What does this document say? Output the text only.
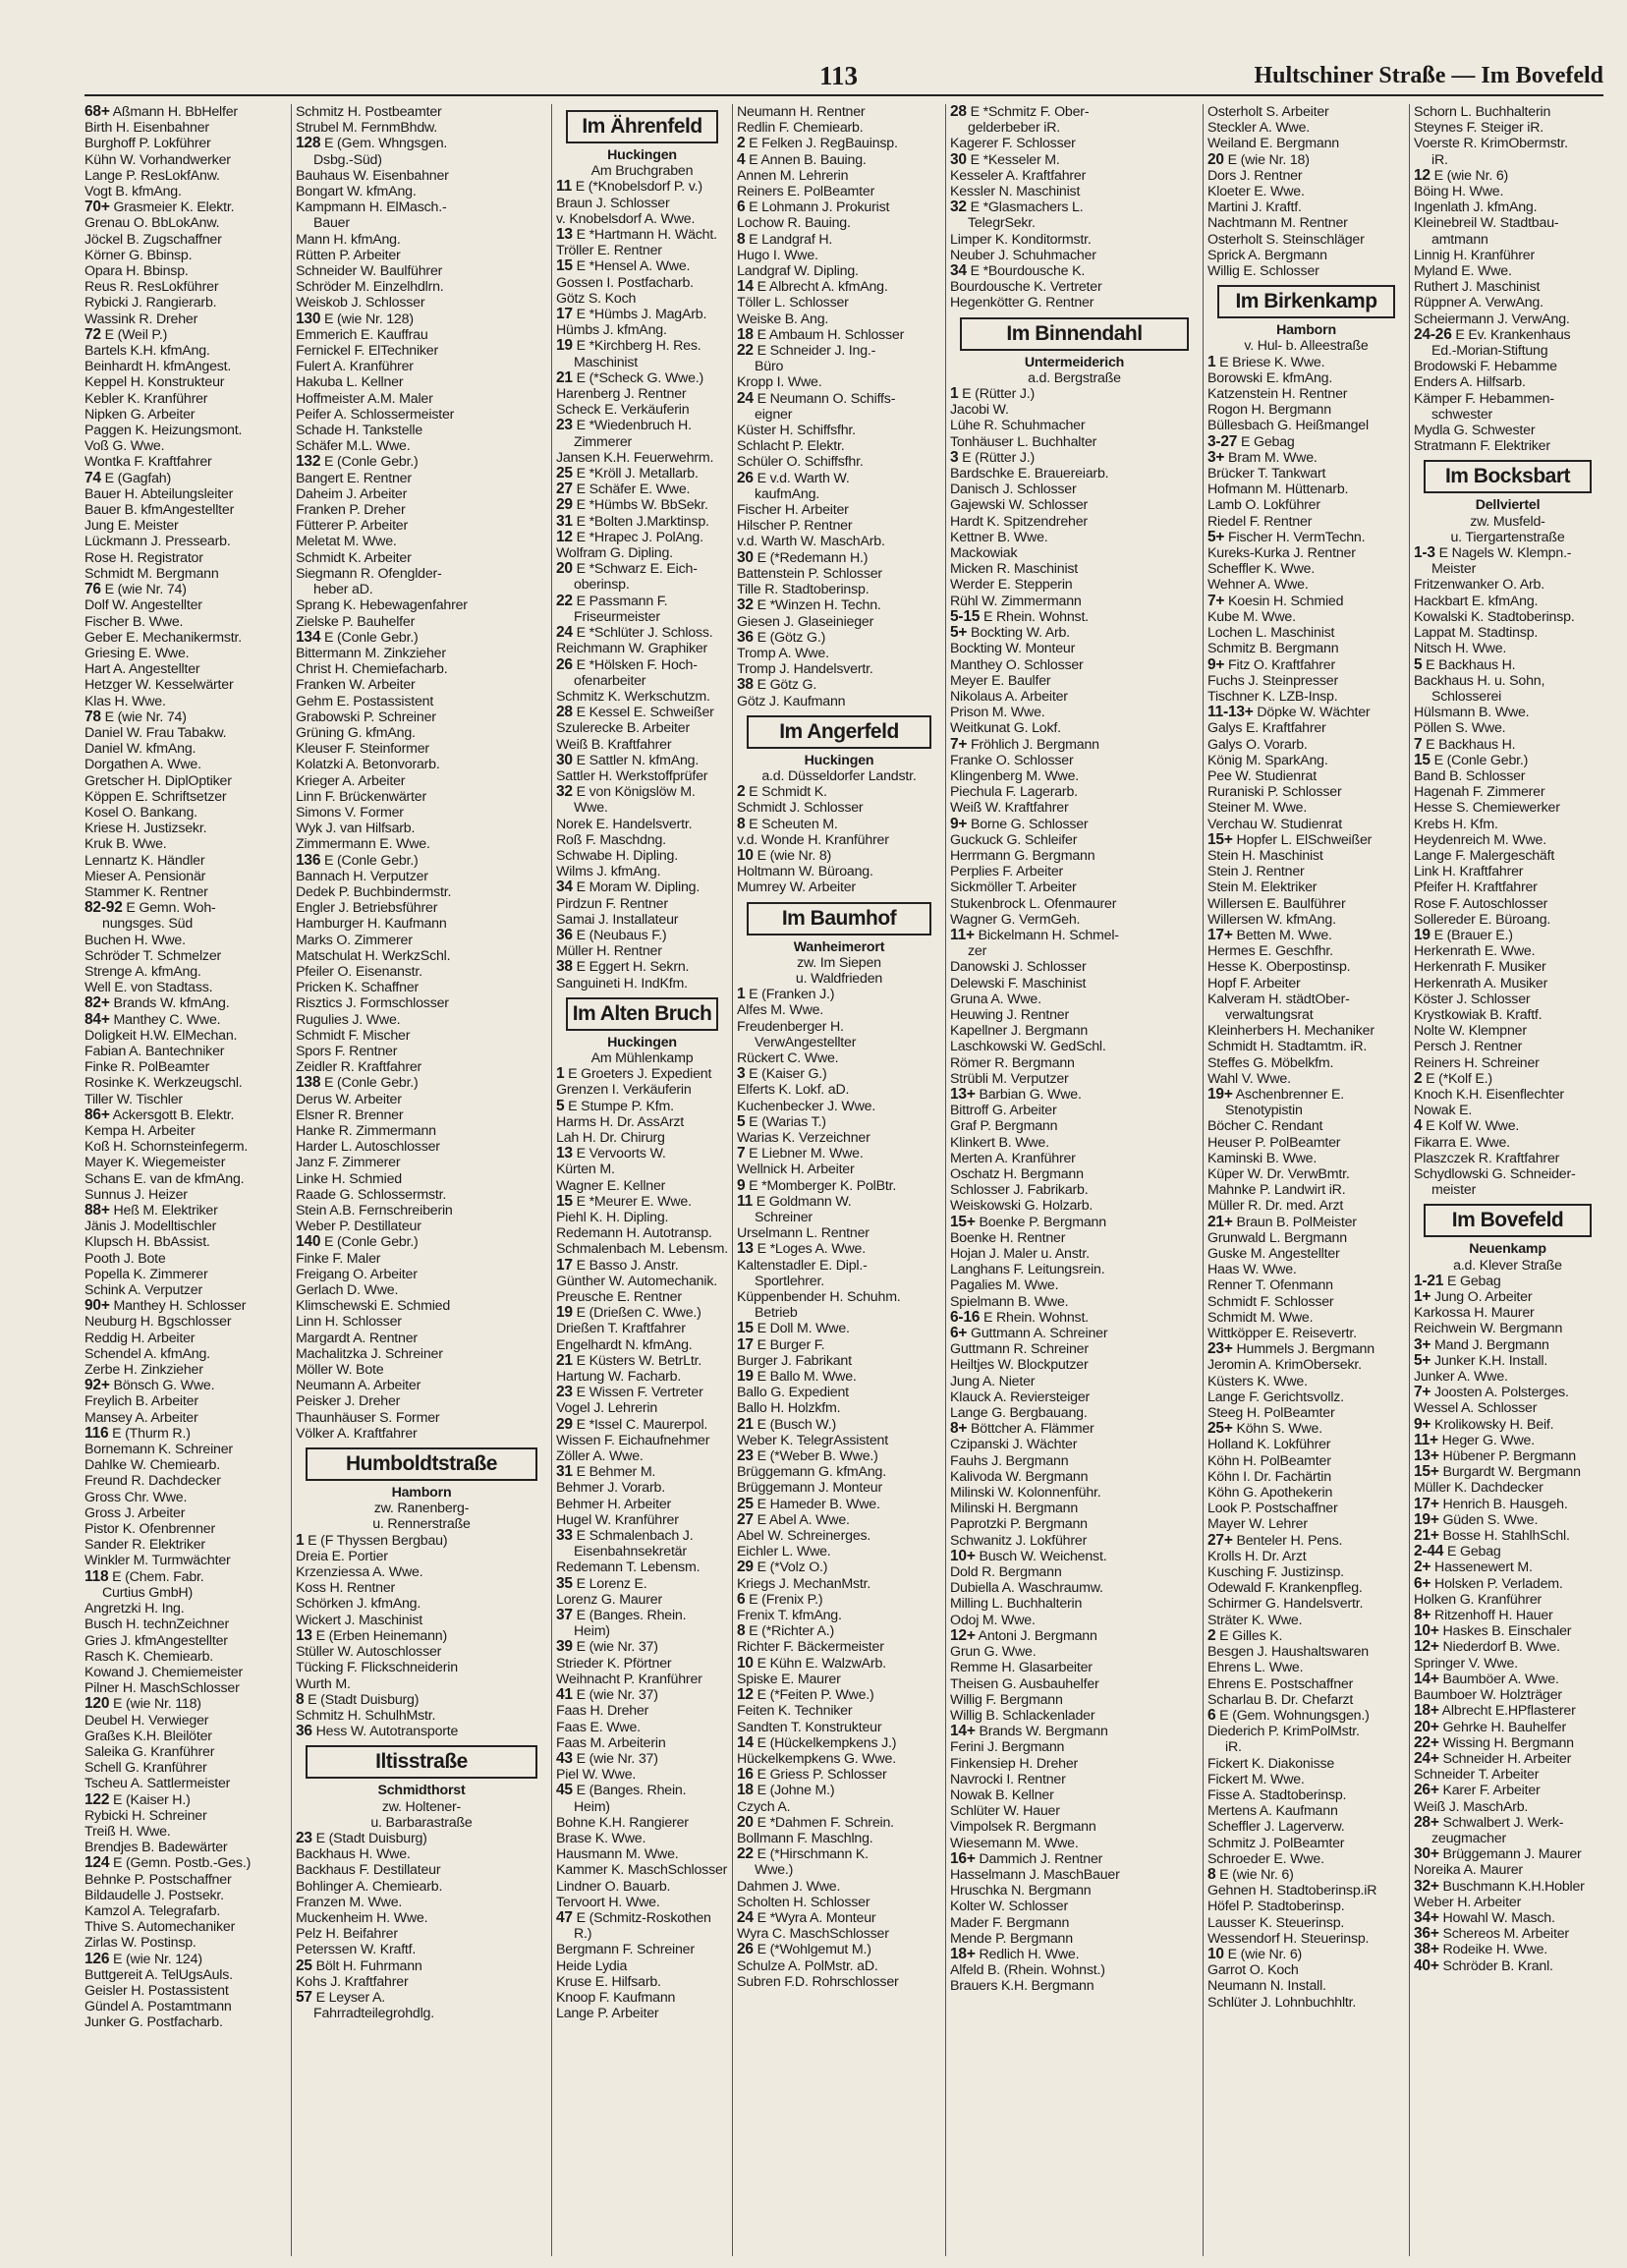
113	Hultschiner Straße — Im Bovefeld
68+ Aßmann H. BbHelfer
Birth H. Eisenbahner
Burghoff P. Lokführer
Kühn W. Vorhandwerker
Lange P. ResLokfAnw.
Vogt B. kfmAng.
70+ Grasmeier K. Elektr.
Grenau O. BbLokAnw.
Jöckel B. Zugschaffner
Körner G. Bbinsp.
Opara H. Bbinsp.
Reus R. ResLokführer
Rybicki J. Rangierarb.
Wassink R. Dreher
72 E (Weil P.)
Bartels K.H. kfmAng.
Beinhardt H. kfmAngest.
Keppel H. Konstrukteur
Kebler K. Kranführer
Nipken G. Arbeiter
Paggen K. Heizungsmont.
Voß G. Wwe.
Wontka F. Kraftfahrer
74 E (Gagfah)
Bauer H. Abteilungsleiter
Bauer B. kfmAngestellter
Jung E. Meister
Lückmann J. Pressearb.
Rose H. Registrator
Schmidt M. Bergmann
76 E (wie Nr. 74)
Dolf W. Angestellter
Fischer B. Wwe.
Geber E. Mechanikermstr.
Griesing E. Wwe.
Hart A. Angestellter
Hetzger W. Kesselwärter
Klas H. Wwe.
78 E (wie Nr. 74)
Daniel W. Frau Tabakw.
Daniel W. kfmAng.
Dorgathen A. Wwe.
Gretscher H. DiplOptiker
Köppen E. Schriftsetzer
Kosel O. Bankang.
Kriese H. Justizsekr.
Kruk B. Wwe.
Lennartz K. Händler
Mieser A. Pensionär
Stammer K. Rentner
82-92 E Gemn. Woh-
nungsges. Süd
Buchen H. Wwe.
Schröder T. Schmelzer
Strenge A. kfmAng.
Well E. von Stadtass.
82+ Brands W. kfmAng.
84+ Manthey C. Wwe.
Doligkeit H.W. ElMechan.
Fabian A. Bantechniker
Finke R. PolBeamter
Rosinke K. Werkzeugschl.
Tiller W. Tischler
86+ Ackersgott B. Elektr.
Kempa H. Arbeiter
Koß H. Schornsteinfegerm.
Mayer K. Wiegemeister
Schans E. van de kfmAng.
Sunnus J. Heizer
88+ Heß M. Elektriker
Jänis J. Modelltischler
Klupsch H. BbAssist.
Pooth J. Bote
Popella K. Zimmerer
Schink A. Verputzer
90+ Manthey H. Schlosser
Neuburg H. Bgschlosser
Reddig H. Arbeiter
Schendel A. kfmAng.
Zerbe H. Zinkzieher
92+ Bönsch G. Wwe.
Freylich B. Arbeiter
Mansey A. Arbeiter
116 E (Thurm R.)
Bornemann K. Schreiner
Dahlke W. Chemiearb.
Freund R. Dachdecker
Gross Chr. Wwe.
Gross J. Arbeiter
Pistor K. Ofenbrenner
Sander R. Elektriker
Winkler M. Turmwächter
118 E (Chem. Fabr.
Curtius GmbH)
Angretzki H. Ing.
Busch H. technZeichner
Gries J. kfmAngestellter
Rasch K. Chemiearb.
Kowand J. Chemiemeister
Pilner H. MaschSchlosser
120 E (wie Nr. 118)
Deubel H. Verwieger
Graßes K.H. Bleilöter
Saleika G. Kranführer
Schell G. Kranführer
Tscheu A. Sattlermeister
122 E (Kaiser H.)
Rybicki H. Schreiner
Treiß H. Wwe.
Brendjes B. Badewärter
124 E (Gemn. Postb.-Ges.)
Behnke P. Postschaffner
Bildaudelle J. Postsekr.
Kamzol A. Telegrafarb.
Thive S. Automechaniker
Zirlas W. Postinsp.
126 E (wie Nr. 124)
Buttgereit A. TelUgsAuls.
Geisler H. Postassistent
Gündel A. Postamtmann
Junker G. Postfacharb.
Schmitz H. Postbeamter
Strubel M. FernmBhdw.
128 E (Gem. Whngsgen.
Dsbg.-Süd)
Bauhaus W. Eisenbahner
Bongart W. kfmAng.
Kampmann H. ElMasch.-
Bauer
Mann H. kfmAng.
Rütten P. Arbeiter
Schneider W. Baulführer
Schröder M. Einzelhdlrn.
Weiskob J. Schlosser
130 E (wie Nr. 128)
Emmerich E. Kauffrau
Fernickel F. ElTechniker
Fulert A. Kranführer
Hakuba L. Kellner
Hoffmeister A.M. Maler
Peifer A. Schlossermeister
Schade H. Tankstelle
Schäfer M.L. Wwe.
132 E (Conle Gebr.)
Bangert E. Rentner
Daheim J. Arbeiter
Franken P. Dreher
Fütterer P. Arbeiter
Meletat M. Wwe.
Schmidt K. Arbeiter
Siegmann R. Ofenglder-
heber aD.
Sprang K. Hebewagenfahrer
Zielske P. Bauhelfer
134 E (Conle Gebr.)
Bittermann M. Zinkzieher
Christ H. Chemiefacharb.
Franken W. Arbeiter
Gehm E. Postassistent
Grabowski P. Schreiner
Grüning G. kfmAng.
Kleuser F. Steinformer
Kolatzki A. Betonvorarb.
Krieger A. Arbeiter
Linn F. Brückenwärter
Simons V. Former
Wyk J. van Hilfsarb.
Zimmermann E. Wwe.
136 E (Conle Gebr.)
Bannach H. Verputzer
Dedek P. Buchbindermstr.
Engler J. Betriebsführer
Hamburger H. Kaufmann
Marks O. Zimmerer
Matschulat H. WerkzSchl.
Pfeiler O. Eisenanstr.
Pricken K. Schaffner
Risztics J. Formschlosser
Rugulies J. Wwe.
Schmidt F. Mischer
Spors F. Rentner
Zeidler R. Kraftfahrer
138 E (Conle Gebr.)
Derus W. Arbeiter
Elsner R. Brenner
Hanke R. Zimmermann
Harder L. Autoschlosser
Janz F. Zimmerer
Linke H. Schmied
Raade G. Schlossermstr.
Stein A.B. Fernschreiberin
Weber P. Destillateur
140 E (Conle Gebr.)
Finke F. Maler
Freigang O. Arbeiter
Gerlach D. Wwe.
Klimschewski E. Schmied
Linn H. Schlosser
Margardt A. Rentner
Machalitzka J. Schreiner
Möller W. Bote
Neumann A. Arbeiter
Peisker J. Dreher
Thaunhäuser S. Former
Völker A. Kraftfahrer
Humboldtstraße
Hamborn
zw. Ranenberg-
u. Rennerstraße
1 E (F Thyssen Bergbau)
Dreia E. Portier
Krzenziessa A. Wwe.
Koss H. Rentner
Schörken J. kfmAng.
Wickert J. Maschinist
13 E (Erben Heinemann)
Stüller W. Autoschlosser
Tücking F. Flickschneiderin
Wurth M.
8 E (Stadt Duisburg)
Schmitz H. SchulhMstr.
36 Hess W. Autotransporte
Iltisstraße
Schmidthorst
zw. Holtener-
u. Barbarastraße
23 E (Stadt Duisburg)
Backhaus H. Wwe.
Backhaus F. Destillateur
Bohlinger A. Chemiearb.
Franzen M. Wwe.
Muckenheim H. Wwe.
Pelz H. Beifahrer
Peterssen W. Kraftf.
25 Bölt H. Fuhrmann
Kohs J. Kraftfahrer
57 E Leyser A.
Fahrradteilegrohdlg.
Im Ährenfeld
Huckingen
Am Bruchgraben
11 E (*Knobelsdorf P. v.)
Braun J. Schlosser
v. Knobelsdorf A. Wwe.
13 E *Hartmann H. Wächt.
Tröller E. Rentner
15 E *Hensel A. Wwe.
Gossen I. Postfacharb.
Götz S. Koch
17 E *Hümbs J. MagArb.
Hümbs J. kfmAng.
19 E *Kirchberg H. Res.
Maschinist
21 E (*Scheck G. Wwe.)
Harenberg J. Rentner
Scheck E. Verkäuferin
23 E *Wiedenbruch H.
Zimmerer
Jansen K.H. Feuerwehrm.
25 E *Kröll J. Metallarb.
27 E Schäfer E. Wwe.
29 E *Hümbs W. BbSekr.
31 E *Bolten J.Marktinsp.
12 E *Hrapec J. PolAng.
Wolfram G. Dipling.
20 E *Schwarz E. Eich-
oberinsp.
22 E Passmann F.
Friseurmeister
24 E *Schlüter J. Schloss.
Reichmann W. Graphiker
26 E *Hölsken F. Hoch-
ofenarbeiter
Schmitz K. Werkschutzm.
28 E Kessel E. Schweißer
Szulerecke B. Arbeiter
Weiß B. Kraftfahrer
30 E Sattler N. kfmAng.
Sattler H. Werkstoffprüfer
32 E von Königslöw M.
Wwe.
Norek E. Handelsvertr.
Roß F. Maschdng.
Schwabe H. Dipling.
Wilms J. kfmAng.
34 E Moram W. Dipling.
Pirdzun F. Rentner
Samai J. Installateur
36 E (Neubaus F.)
Müller H. Rentner
38 E Eggert H. Sekrn.
Sanguineti H. IndKfm.
Im Alten Bruch
Huckingen
Am Mühlenkamp
1 E Groeters J. Expedient
Grenzen I. Verkäuferin
5 E Stumpe P. Kfm.
Harms H. Dr. AssArzt
Lah H. Dr. Chirurg
13 E Vervoorts W.
Kürten M.
Wagner E. Kellner
15 E *Meurer E. Wwe.
Piehl K. H. Dipling.
Redemann H. Autotransp.
Schmalenbach M. Lebensm.
17 E Basso J. Anstr.
Günther W. Automechanik.
Preusche E. Rentner
19 E (Drießen C. Wwe.)
Drießen T. Kraftfahrer
Engelhardt N. kfmAng.
21 E Küsters W. BetrLtr.
Hartung W. Facharb.
23 E Wissen F. Vertreter
Vogel J. Lehrerin
29 E *Issel C. Maurerpol.
Wissen F. Eichaufnehmer
Zöller A. Wwe.
31 E Behmer M.
Behmer J. Vorarb.
Behmer H. Arbeiter
Hugel W. Kranführer
33 E Schmalenbach J.
Eisenbahnsekretär
Redemann T. Lebensm.
35 E Lorenz E.
Lorenz G. Maurer
37 E (Banges. Rhein.
Heim)
39 E (wie Nr. 37)
Strieder K. Pförtner
Weihnacht P. Kranführer
41 E (wie Nr. 37)
Faas H. Dreher
Faas E. Wwe.
Faas M. Arbeiterin
43 E (wie Nr. 37)
Piel W. Wwe.
45 E (Banges. Rhein.
Heim)
Bohne K.H. Rangierer
Brase K. Wwe.
Hausmann M. Wwe.
Kammer K. MaschSchlosser
Lindner O. Bauarb.
Tervoort H. Wwe.
47 E (Schmitz-Roskothen
R.)
Bergmann F. Schreiner
Heide Lydia
Kruse E. Hilfsarb.
Knoop F. Kaufmann
Lange P. Arbeiter
Neumann H. Rentner
Redlin F. Chemiearb.
2 E Felken J. RegBauinsp.
4 E Annen B. Bauing.
Annen M. Lehrerin
Reiners E. PolBeamter
6 E Lohmann J. Prokurist
Lochow R. Bauing.
8 E Landgraf H.
Hugo I. Wwe.
Landgraf W. Dipling.
14 E Albrecht A. kfmAng.
Töller L. Schlosser
Weiske B. Ang.
18 E Ambaum H. Schlosser
22 E Schneider J. Ing.-
Büro
Kropp I. Wwe.
24 E Neumann O. Schiffs-
eigner
Küster H. Schiffsfhr.
Schlacht P. Elektr.
Schüler O. Schiffsfhr.
26 E v.d. Warth W.
kaufmAng.
Fischer H. Arbeiter
Hilscher P. Rentner
v.d. Warth W. MaschArb.
30 E (*Redemann H.)
Battenstein P. Schlosser
Tille R. Stadtoberinsp.
32 E *Winzen H. Techn.
Giesen J. Glaseinieger
36 E (Götz G.)
Tromp A. Wwe.
Tromp J. Handelsvertr.
38 E Götz G.
Götz J. Kaufmann
Im Angerfeld
Huckingen
a.d. Düsseldorfer Landstr.
2 E Schmidt K.
Schmidt J. Schlosser
8 E Scheuten M.
v.d. Wonde H. Kranführer
10 E (wie Nr. 8)
Holtmann W. Büroang.
Mumrey W. Arbeiter
Im Baumhof
Wanheimerort
zw. Im Siepen
u. Waldfrieden
1 E (Franken J.)
Alfes M. Wwe.
Freudenberger H.
VerwAngestellter
Rückert C. Wwe.
3 E (Kaiser G.)
Elferts K. Lokf. aD.
Kuchenbecker J. Wwe.
5 E (Warias T.)
Warias K. Verzeichner
7 E Liebner M. Wwe.
Wellnick H. Arbeiter
9 E *Momberger K. PolBtr.
11 E Goldmann W.
Schreiner
Urselmann L. Rentner
13 E *Loges A. Wwe.
Kaltenstadler E. Dipl.-
Sportlehrer.
Küppenbender H. Schuhm.
Betrieb
15 E Doll M. Wwe.
17 E Burger F.
Burger J. Fabrikant
19 E Ballo M. Wwe.
Ballo G. Expedient
Ballo H. Holzkfm.
21 E (Busch W.)
Weber K. TelegrAssistent
23 E (*Weber B. Wwe.)
Brüggemann G. kfmAng.
Brüggemann J. Monteur
25 E Hameder B. Wwe.
27 E Abel A. Wwe.
Abel W. Schreinerges.
Eichler L. Wwe.
29 E (*Volz O.)
Kriegs J. MechanMstr.
6 E (Frenix P.)
Frenix T. kfmAng.
8 E (*Richter A.)
Richter F. Bäckermeister
10 E Kühn E. WalzwArb.
Spiske E. Maurer
12 E (*Feiten P. Wwe.)
Feiten K. Techniker
Sandten T. Konstrukteur
14 E (Hückelkempkens J.)
Hückelkempkens G. Wwe.
16 E Griess P. Schlosser
18 E (Johne M.)
Czych A.
20 E *Dahmen F. Schrein.
Bollmann F. Maschlng.
22 E (*Hirschmann K.
Wwe.)
Dahmen J. Wwe.
Scholten H. Schlosser
24 E *Wyra A. Monteur
Wyra C. MaschSchlosser
26 E (*Wohlgemut M.)
Schulze A. PolMstr. aD.
Subren F.D. Rohrschlosser
28 E *Schmitz F. Ober-
gelderbeber iR.
Kagerer F. Schlosser
30 E *Kesseler M.
Kesseler A. Kraftfahrer
Kessler N. Maschinist
32 E *Glasmachers L.
TelegrSekr.
Limper K. Konditormstr.
Neuber J. Schuhmacher
34 E *Bourdousche K.
Bourdousche K. Vertreter
Hegenkötter G. Rentner
Im Binnendahl
Untermeiderich
a.d. Bergstraße
1 E (Rütter J.)
Jacobi W.
Lühe R. Schuhmacher
Tonhäuser L. Buchhalter
3 E (Rütter J.)
Bardschke E. Brauereiarb.
Danisch J. Schlosser
Gajewski W. Schlosser
Hardt K. Spitzendreher
Kettner B. Wwe.
Mackowiak
Micken R. Maschinist
Werder E. Stepperin
Rühl W. Zimmermann
5-15 E Rhein. Wohnst.
5+ Bockting W. Arb.
Bockting W. Monteur
Manthey O. Schlosser
Meyer E. Baulfer
Nikolaus A. Arbeiter
Prison M. Wwe.
Weitkunat G. Lokf.
7+ Fröhlich J. Bergmann
Franke O. Schlosser
Klingenberg M. Wwe.
Piechula F. Lagerarb.
Weiß W. Kraftfahrer
9+ Borne G. Schlosser
Guckuck G. Schleifer
Herrmann G. Bergmann
Perplies F. Arbeiter
Sickmöller T. Arbeiter
Stukenbrock L. Ofenmaurer
Wagner G. VermGeh.
11+ Bickelmann H. Schmel-
zer
Danowski J. Schlosser
Delewski F. Maschinist
Gruna A. Wwe.
Heuwing J. Rentner
Kapellner J. Bergmann
Laschkowski W. GedSchl.
Römer R. Bergmann
Strübli M. Verputzer
13+ Barbian G. Wwe.
Bittroff G. Arbeiter
Graf P. Bergmann
Klinkert B. Wwe.
Merten A. Kranführer
Oschatz H. Bergmann
Schlosser J. Fabrikarb.
Weiskowski G. Holzarb.
15+ Boenke P. Bergmann
Boenke H. Rentner
Hojan J. Maler u. Anstr.
Langhans F. Leitungsrein.
Pagalies M. Wwe.
Spielmann B. Wwe.
6-16 E Rhein. Wohnst.
6+ Guttmann A. Schreiner
Guttmann R. Schreiner
Heiltjes W. Blockputzer
Jung A. Nieter
Klauck A. Reviersteiger
Lange G. Bergbauang.
8+ Böttcher A. Flämmer
Czipanski J. Wächter
Fauhs J. Bergmann
Kalivoda W. Bergmann
Milinski W. Kolonnenführ.
Milinski H. Bergmann
Paprotzki P. Bergmann
Schwanitz J. Lokführer
10+ Busch W. Weichenst.
Dold R. Bergmann
Dubiella A. Waschraumw.
Milling L. Buchhalterin
Odoj M. Wwe.
12+ Antoni J. Bergmann
Grun G. Wwe.
Remme H. Glasarbeiter
Theisen G. Ausbauhelfer
Willig F. Bergmann
Willig B. Schlackenlader
14+ Brands W. Bergmann
Ferini J. Bergmann
Finkensiep H. Dreher
Navrocki I. Rentner
Nowak B. Kellner
Schlüter W. Hauer
Vimpolsek R. Bergmann
Wiesemann M. Wwe.
16+ Dammich J. Rentner
Hasselmann J. MaschBauer
Hruschka N. Bergmann
Kolter W. Schlosser
Mader F. Bergmann
Mende P. Bergmann
18+ Redlich H. Wwe.
Alfeld B. (Rhein. Wohnst.)
Brauers K.H. Bergmann
Osterholt S. Arbeiter
Steckler A. Wwe.
Weiland E. Bergmann
20 E (wie Nr. 18)
Dors J. Rentner
Kloeter E. Wwe.
Martini J. Kraftf.
Nachtmann M. Rentner
Osterholt S. Steinschläger
Sprick A. Bergmann
Willig E. Schlosser
Im Birkenkamp
Hamborn
v. Hul- b. Alleestraße
1 E Briese K. Wwe.
Borowski E. kfmAng.
Katzenstein H. Rentner
Rogon H. Bergmann
Büllesbach G. Heißmangel
3-27 E Gebag
3+ Bram M. Wwe.
Brücker T. Tankwart
Hofmann M. Hüttenarb.
Lamb O. Lokführer
Riedel F. Rentner
5+ Fischer H. VermTechn.
Kureks-Kurka J. Rentner
Scheffler K. Wwe.
Wehner A. Wwe.
7+ Koesin H. Schmied
Kube M. Wwe.
Lochen L. Maschinist
Schmitz B. Bergmann
9+ Fitz O. Kraftfahrer
Fuchs J. Steinpresser
Tischner K. LZB-Insp.
11-13+ Döpke W. Wächter
Galys E. Kraftfahrer
Galys O. Vorarb.
König M. SparkAng.
Pee W. Studienrat
Ruraniski P. Schlosser
Steiner M. Wwe.
Verchau W. Studienrat
15+ Hopfer L. ElSchweißer
Stein H. Maschinist
Stein J. Rentner
Stein M. Elektriker
Willersen E. Baulführer
Willersen W. kfmAng.
17+ Betten M. Wwe.
Hermes E. Geschfhr.
Hesse K. Oberpostinsp.
Hopf F. Arbeiter
Kalveram H. städtOber-
verwaltungsrat
Kleinherbers H. Mechaniker
Schmidt H. Stadtamtm. iR.
Steffes G. Möbelkfm.
Wahl V. Wwe.
19+ Aschenbrenner E.
Stenotypistin
Böcher C. Rendant
Heuser P. PolBeamter
Kaminski B. Wwe.
Küper W. Dr. VerwBmtr.
Mahnke P. Landwirt iR.
Müller R. Dr. med. Arzt
21+ Braun B. PolMeister
Grunwald L. Bergmann
Guske M. Angestellter
Haas W. Wwe.
Renner T. Ofenmann
Schmidt F. Schlosser
Schmidt M. Wwe.
Wittköpper E. Reisevertr.
23+ Hummels J. Bergmann
Jeromin A. KrimObersekr.
Küsters K. Wwe.
Lange F. Gerichtsvollz.
Steeg H. PolBeamter
25+ Köhn S. Wwe.
Holland K. Lokführer
Köhn H. PolBeamter
Köhn I. Dr. Fachärtin
Köhn G. Apothekerin
Look P. Postschaffner
Mayer W. Lehrer
27+ Benteler H. Pens.
Krolls H. Dr. Arzt
Kusching F. Justizinsp.
Odewald F. Krankenpfleg.
Schirmer G. Handelsvertr.
Sträter K. Wwe.
2 E Gilles K.
Besgen J. Haushaltswaren
Ehrens L. Wwe.
Ehrens E. Postschaffner
Scharlau B. Dr. Chefarzt
6 E (Gem. Wohnungsgen.)
Diederich P. KrimPolMstr.
iR.
Fickert K. Diakonisse
Fickert M. Wwe.
Fisse A. Stadtoberinsp.
Mertens A. Kaufmann
Scheffler J. Lagerverw.
Schmitz J. PolBeamter
Schroeder E. Wwe.
8 E (wie Nr. 6)
Gehnen H. Stadtoberinsp.iR
Höfel P. Stadtoberinsp.
Lausser K. Steuerinsp.
Wessendorf H. Steuerinsp.
10 E (wie Nr. 6)
Garrot O. Koch
Neumann N. Install.
Schlüter J. Lohnbuchhltr.
Schorn L. Buchhalterin
Steynes F. Steiger iR.
Voerste R. KrimObermstr.
iR.
12 E (wie Nr. 6)
Böing H. Wwe.
Ingenlath J. kfmAng.
Kleinebreil W. Stadtbau-
amtmann
Linnig H. Kranführer
Myland E. Wwe.
Ruthert J. Maschinist
Rüppner A. VerwAng.
Scheiermann J. VerwAng.
24-26 E Ev. Krankenhaus
Ed.-Morian-Stiftung
Brodowski F. Hebamme
Enders A. Hilfsarb.
Kämper F. Hebammen-
schwester
Mydla G. Schwester
Stratmann F. Elektriker
Im Bocksbart
Dellviertel
zw. Musfeld-
u. Tiergartenstraße
1-3 E Nagels W. Klempn.-
Meister
Fritzenwanker O. Arb.
Hackbart E. kfmAng.
Kowalski K. Stadtoberinsp.
Lappat M. Stadtinsp.
Nitsch H. Wwe.
5 E Backhaus H.
Backhaus H. u. Sohn,
Schlosserei
Hülsmann B. Wwe.
Pöllen S. Wwe.
7 E Backhaus H.
15 E (Conle Gebr.)
Band B. Schlosser
Hagenah F. Zimmerer
Hesse S. Chemiewerker
Krebs H. Kfm.
Heydenreich M. Wwe.
Lange F. Malergeschäft
Link H. Kraftfahrer
Pfeifer H. Kraftfahrer
Rose F. Autoschlosser
Sollereder E. Büroang.
19 E (Brauer E.)
Herkenrath E. Wwe.
Herkenrath F. Musiker
Herkenrath A. Musiker
Köster J. Schlosser
Krystkowiak B. Kraftf.
Nolte W. Klempner
Persch J. Rentner
Reiners H. Schreiner
2 E (*Kolf E.)
Knoch K.H. Eisenflechter
Nowak E.
4 E Kolf W. Wwe.
Fikarra E. Wwe.
Plaszczek R. Kraftfahrer
Schydlowski G. Schneider-
meister
Im Bovefeld
Neuenkamp
a.d. Klever Straße
1-21 E Gebag
1+ Jung O. Arbeiter
Karkossa H. Maurer
Reichwein W. Bergmann
3+ Mand J. Bergmann
5+ Junker K.H. Install.
Junker A. Wwe.
7+ Joosten A. Polsterges.
Wessel A. Schlosser
9+ Krolikowsky H. Beif.
11+ Heger G. Wwe.
13+ Hübener P. Bergmann
15+ Burgardt W. Bergmann
Müller K. Dachdecker
17+ Henrich B. Hausgeh.
19+ Güden S. Wwe.
21+ Bosse H. StahlhSchl.
2-44 E Gebag
2+ Hassenewert M.
6+ Holsken P. Verladem.
Holken G. Kranführer
8+ Ritzenhoff H. Hauer
10+ Haskes B. Einschaler
12+ Niederdorf B. Wwe.
Springer V. Wwe.
14+ Baumböer A. Wwe.
Baumboer W. Holzträger
18+ Albrecht E.HPflasterer
20+ Gehrke H. Bauhelfer
22+ Wissing H. Bergmann
24+ Schneider H. Arbeiter
Schneider T. Arbeiter
26+ Karer F. Arbeiter
Weiß J. MaschArb.
28+ Schwalbert J. Werk-
zeugmacher
30+ Brüggemann J. Maurer
Noreika A. Maurer
32+ Buschmann K.H.Hobler
Weber H. Arbeiter
34+ Howahl W. Masch.
36+ Schereos M. Arbeiter
38+ Rodeike H. Wwe.
40+ Schröder B. Kranl.
